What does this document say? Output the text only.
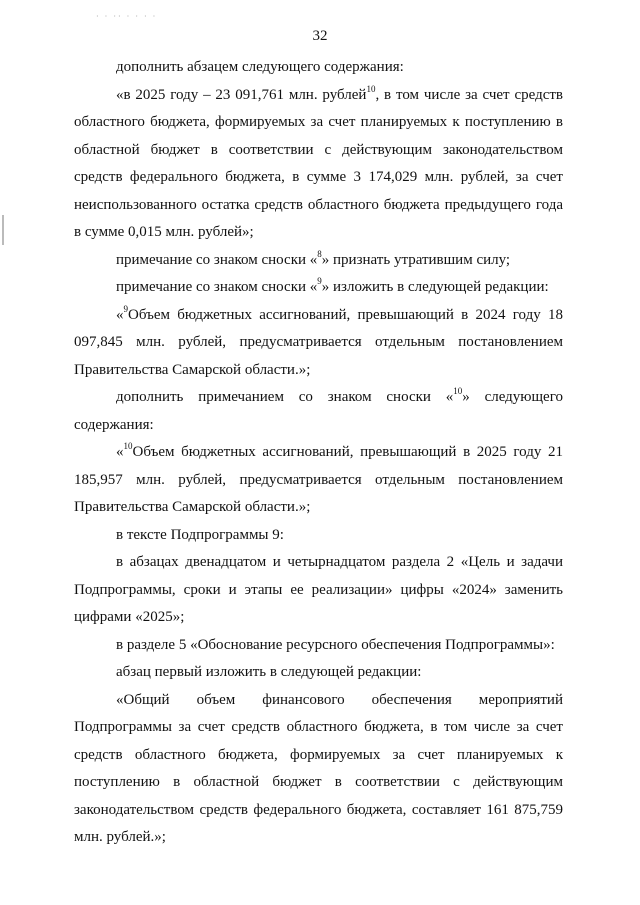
· · ·· · · · ·
32

дополнить абзацем следующего содержания:

«в 2025 году – 23 091,761 млн. рублей$^{10}$, в том числе за счет средств областного бюджета, формируемых за счет планируемых к поступлению в областной бюджет в соответствии с действующим законодательством средств федерального бюджета, в сумме 3 174,029 млн. рублей, за счет неиспользованного остатка средств областного бюджета предыдущего года в сумме 0,015 млн. рублей»;

примечание со знаком сноски «$^8$» признать утратившим силу;

примечание со знаком сноски «$^9$» изложить в следующей редакции:

«$^9$Объем бюджетных ассигнований, превышающий в 2024 году 18 097,845 млн. рублей, предусматривается отдельным постановлением Правительства Самарской области.»;

дополнить примечанием со знаком сноски «$^{10}$» следующего содержания:

«$^{10}$Объем бюджетных ассигнований, превышающий в 2025 году 21 185,957 млн. рублей, предусматривается отдельным постановлением Правительства Самарской области.»;

в тексте Подпрограммы 9:

в абзацах двенадцатом и четырнадцатом раздела 2 «Цель и задачи Подпрограммы, сроки и этапы ее реализации» цифры «2024» заменить цифрами «2025»;

в разделе 5 «Обоснование ресурсного обеспечения Подпрограммы»:

абзац первый изложить в следующей редакции:

«Общий объем финансового обеспечения мероприятий Подпрограммы за счет средств областного бюджета, в том числе за счет средств областного бюджета, формируемых за счет планируемых к поступлению в областной бюджет в соответствии с действующим законодательством средств федерального бюджета, составляет 161 875,759 млн. рублей.»;
